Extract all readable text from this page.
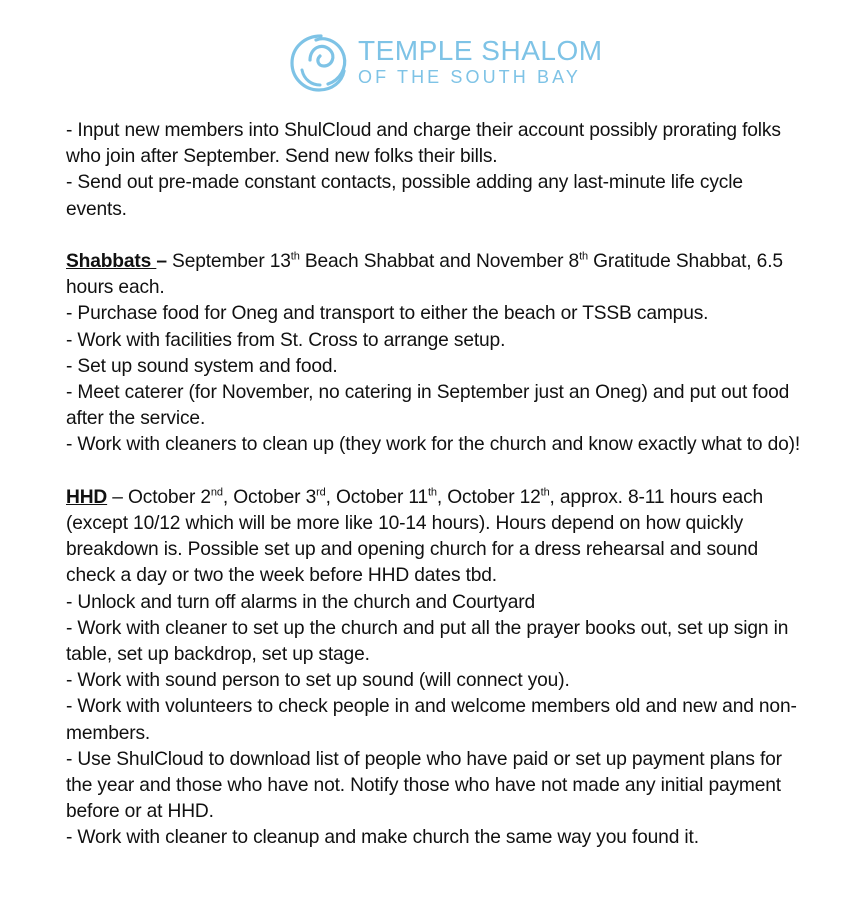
TEMPLE SHALOM
OF THE SOUTH BAY

- Input new members into ShulCloud and charge their account possibly prorating folks who join after September. Send new folks their bills.

- Send out pre-made constant contacts, possible adding any last-minute life cycle events.

Shabbats – September 13th Beach Shabbat and November 8th Gratitude Shabbat, 6.5 hours each.

- Purchase food for Oneg and transport to either the beach or TSSB campus.

- Work with facilities from St. Cross to arrange setup.

- Set up sound system and food.

- Meet caterer (for November, no catering in September just an Oneg) and put out food after the service.

- Work with cleaners to clean up (they work for the church and know exactly what to do)!

HHD – October 2nd, October 3rd, October 11th, October 12th, approx. 8-11 hours each (except 10/12 which will be more like 10-14 hours). Hours depend on how quickly breakdown is. Possible set up and opening church for a dress rehearsal and sound check a day or two the week before HHD dates tbd.

- Unlock and turn off alarms in the church and Courtyard

- Work with cleaner to set up the church and put all the prayer books out, set up sign in table, set up backdrop, set up stage.

- Work with sound person to set up sound (will connect you).

- Work with volunteers to check people in and welcome members old and new and non-members.

- Use ShulCloud to download list of people who have paid or set up payment plans for the year and those who have not. Notify those who have not made any initial payment before or at HHD.

- Work with cleaner to cleanup and make church the same way you found it.
